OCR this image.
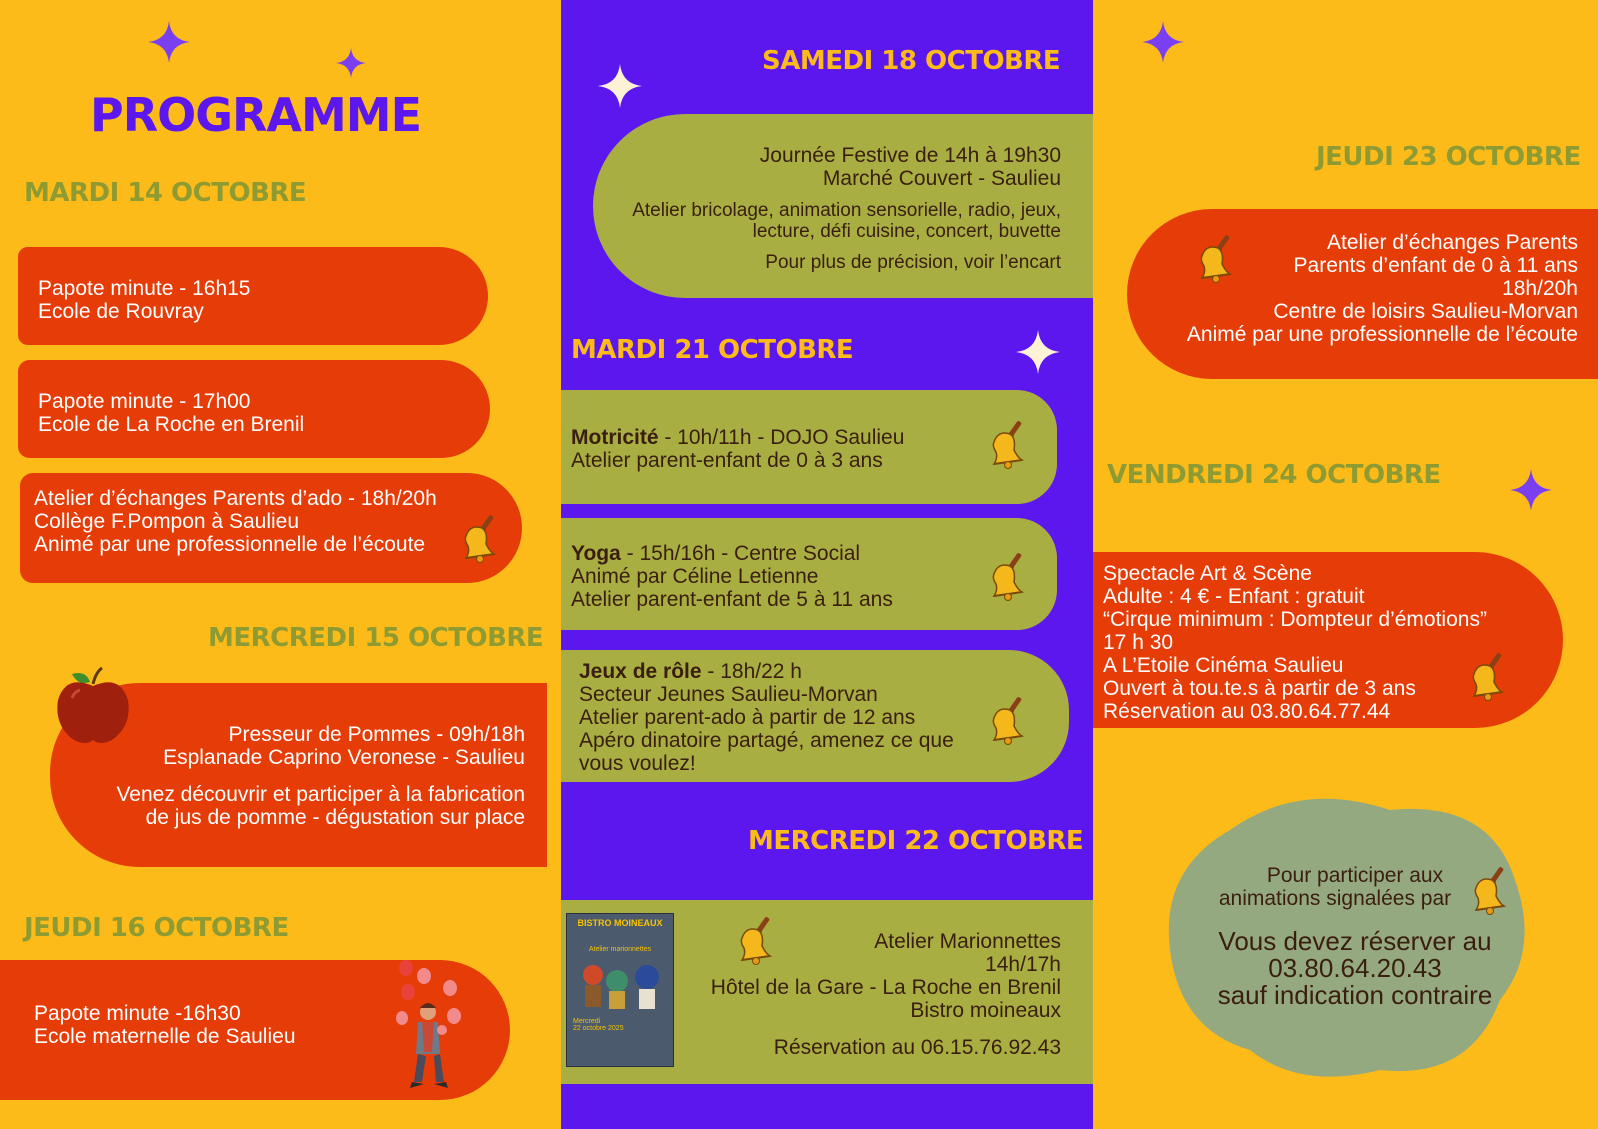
PROGRAMME
MARDI 14 OCTOBRE
Papote minute - 16h15
Ecole de Rouvray
Papote minute - 17h00
Ecole de La Roche en Brenil
Atelier d’échanges Parents d’ado - 18h/20h
Collège F.Pompon à Saulieu
Animé par une professionnelle de l’écoute
MERCREDI 15 OCTOBRE
Presseur de Pommes - 09h/18h
Esplanade Caprino Veronese - Saulieu
Venez découvrir et participer à la fabrication
de jus de pomme - dégustation sur place
JEUDI 16 OCTOBRE
Papote minute -16h30
Ecole maternelle de Saulieu
SAMEDI 18 OCTOBRE
Journée Festive de 14h à 19h30
Marché Couvert - Saulieu
Atelier bricolage, animation sensorielle, radio, jeux,
lecture, défi cuisine, concert, buvette
Pour plus de précision, voir l’encart
MARDI 21 OCTOBRE
Motricité - 10h/11h - DOJO Saulieu
Atelier parent-enfant de 0 à 3 ans
Yoga - 15h/16h - Centre Social
Animé par Céline Letienne
Atelier parent-enfant de 5 à 11 ans
Jeux de rôle - 18h/22 h
Secteur Jeunes Saulieu-Morvan
Atelier parent-ado à partir de 12 ans
Apéro dinatoire partagé, amenez ce que
vous voulez!
MERCREDI 22 OCTOBRE
Atelier Marionnettes
14h/17h
Hôtel de la Gare - La Roche en Brenil
Bistro moineaux
Réservation au 06.15.76.92.43
BISTRO MOINEAUX
Atelier marionnettes
Mercredi
22 octobre 2025
JEUDI 23 OCTOBRE
Atelier d’échanges Parents
Parents d’enfant de 0 à 11 ans
18h/20h
Centre de loisirs Saulieu-Morvan
Animé par une professionnelle de l’écoute
VENDREDI 24 OCTOBRE
Spectacle Art & Scène
Adulte : 4 € - Enfant : gratuit
“Cirque minimum : Dompteur d’émotions”
17 h 30
A L’Etoile Cinéma Saulieu
Ouvert à tou.te.s à partir de 3 ans
Réservation au 03.80.64.77.44
Pour participer aux
animations signalées par
Vous devez réserver au
03.80.64.20.43
sauf indication contraire
